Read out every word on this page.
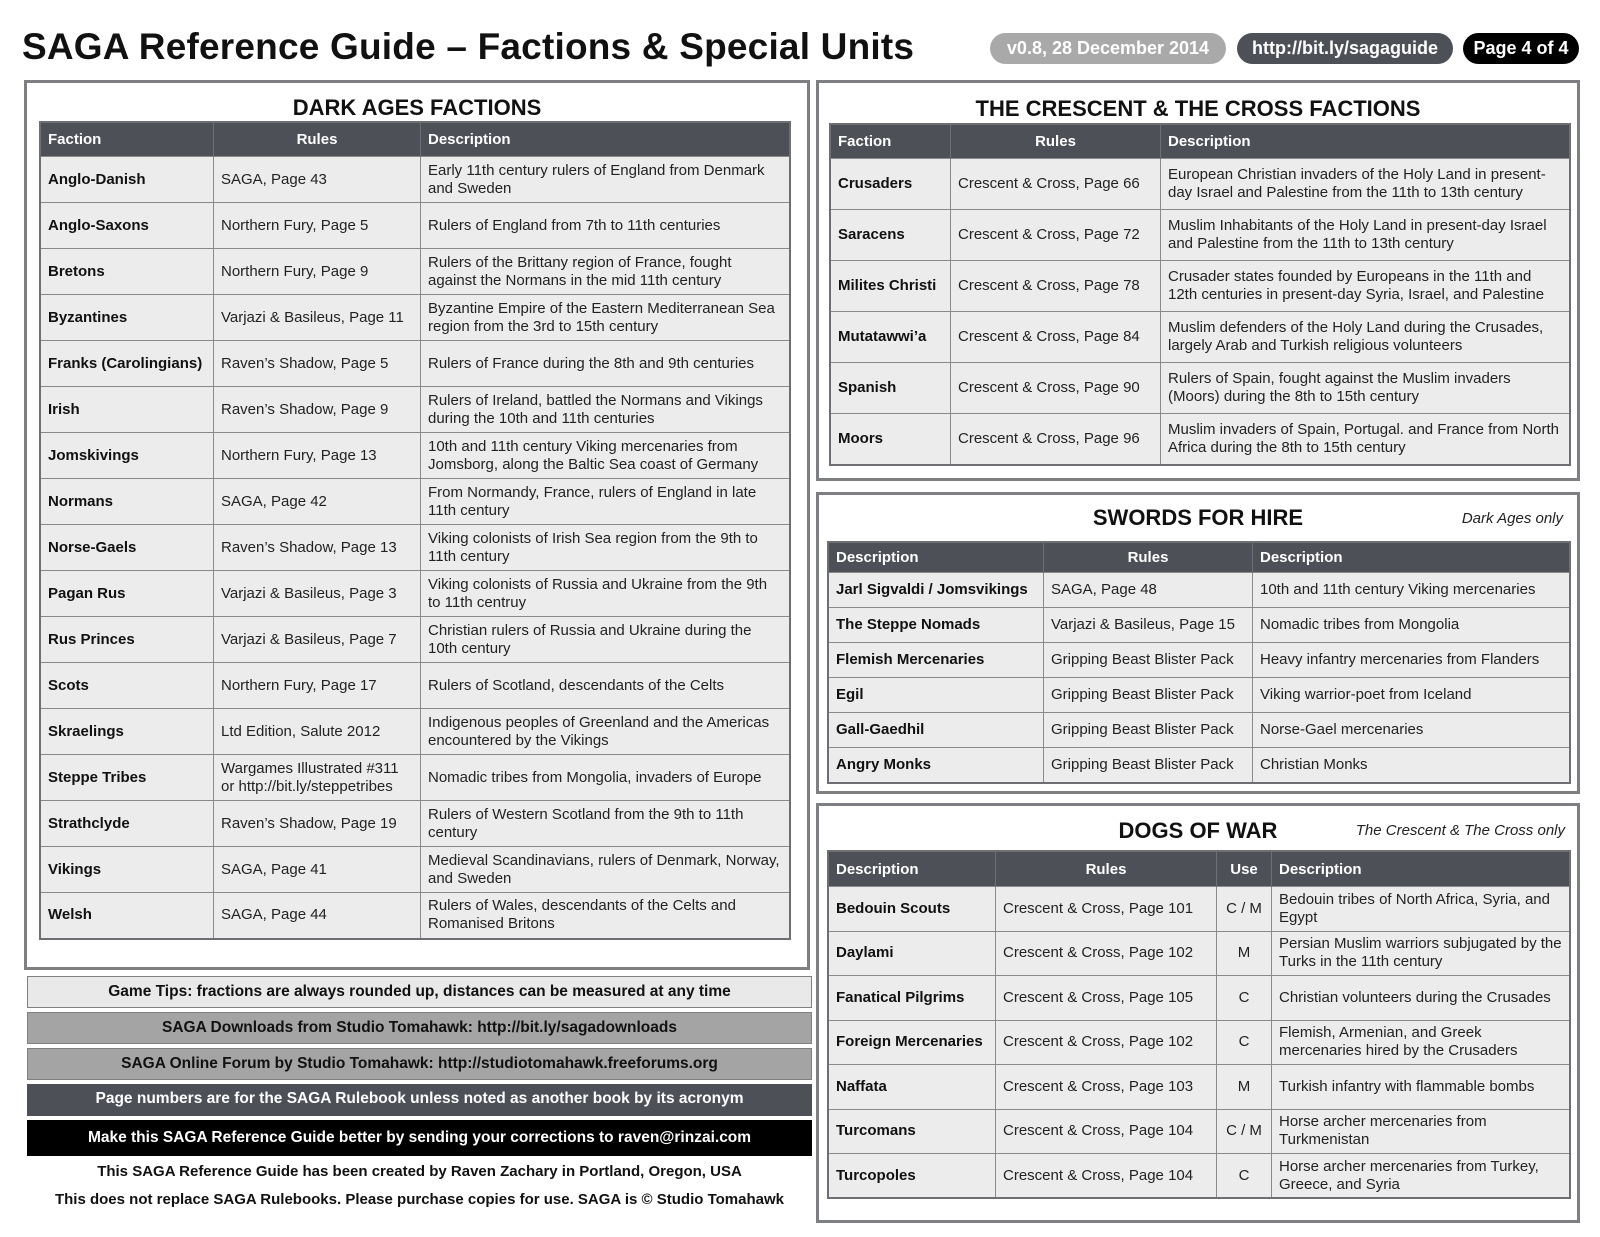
SAGA Reference Guide – Factions & Special Units	v0.8, 28 December 2014	http://bit.ly/sagaguide	Page 4 of 4
DARK AGES FACTIONS
Faction	Rules	Description
Anglo-Danish	SAGA, Page 43	Early 11th century rulers of England from Denmark and Sweden
Anglo-Saxons	Northern Fury, Page 5	Rulers of England from 7th to 11th centuries
Bretons	Northern Fury, Page 9	Rulers of the Brittany region of France, fought against the Normans in the mid 11th century
Byzantines	Varjazi & Basileus, Page 11	Byzantine Empire of the Eastern Mediterranean Sea region from the 3rd to 15th century
Franks (Carolingians)	Raven’s Shadow, Page 5	Rulers of France during the 8th and 9th centuries
Irish	Raven’s Shadow, Page 9	Rulers of Ireland, battled the Normans and Vikings during the 10th and 11th centuries
Jomskivings	Northern Fury, Page 13	10th and 11th century Viking mercenaries from Jomsborg, along the Baltic Sea coast of Germany
Normans	SAGA, Page 42	From Normandy, France, rulers of England in late 11th century
Norse-Gaels	Raven’s Shadow, Page 13	Viking colonists of Irish Sea region from the 9th to 11th century
Pagan Rus	Varjazi & Basileus, Page 3	Viking colonists of Russia and Ukraine from the 9th to 11th centruy
Rus Princes	Varjazi & Basileus, Page 7	Christian rulers of Russia and Ukraine during the 10th century
Scots	Northern Fury, Page 17	Rulers of Scotland, descendants of the Celts
Skraelings	Ltd Edition, Salute 2012	Indigenous peoples of Greenland and the Americas encountered by the Vikings
Steppe Tribes	Wargames Illustrated #311 or http://bit.ly/steppetribes	Nomadic tribes from Mongolia, invaders of Europe
Strathclyde	Raven’s Shadow, Page 19	Rulers of Western Scotland from the 9th to 11th century
Vikings	SAGA, Page 41	Medieval Scandinavians, rulers of Denmark, Norway, and Sweden
Welsh	SAGA, Page 44	Rulers of Wales, descendants of the Celts and Romanised Britons
THE CRESCENT & THE CROSS FACTIONS
Faction	Rules	Description
Crusaders	Crescent & Cross, Page 66	European Christian invaders of the Holy Land in present-day Israel and Palestine from the 11th to 13th century
Saracens	Crescent & Cross, Page 72	Muslim Inhabitants of the Holy Land in present-day Israel and Palestine from the 11th to 13th century
Milites Christi	Crescent & Cross, Page 78	Crusader states founded by Europeans in the 11th and 12th centuries in present-day Syria, Israel, and Palestine
Mutatawwi’a	Crescent & Cross, Page 84	Muslim defenders of the Holy Land during the Crusades, largely Arab and Turkish religious volunteers
Spanish	Crescent & Cross, Page 90	Rulers of Spain, fought against the Muslim invaders (Moors) during the 8th to 15th century
Moors	Crescent & Cross, Page 96	Muslim invaders of Spain, Portugal. and France from North Africa during the 8th to 15th century
SWORDS FOR HIRE	Dark Ages only
Description	Rules	Description
Jarl Sigvaldi / Jomsvikings	SAGA, Page 48	10th and 11th century Viking mercenaries
The Steppe Nomads	Varjazi & Basileus, Page 15	Nomadic tribes from Mongolia
Flemish Mercenaries	Gripping Beast Blister Pack	Heavy infantry mercenaries from Flanders
Egil	Gripping Beast Blister Pack	Viking warrior-poet from Iceland
Gall-Gaedhil	Gripping Beast Blister Pack	Norse-Gael mercenaries
Angry Monks	Gripping Beast Blister Pack	Christian Monks
DOGS OF WAR	The Crescent & The Cross only
Description	Rules	Use	Description
Bedouin Scouts	Crescent & Cross, Page 101	C / M	Bedouin tribes of North Africa, Syria, and Egypt
Daylami	Crescent & Cross, Page 102	M	Persian Muslim warriors subjugated by the Turks in the 11th century
Fanatical Pilgrims	Crescent & Cross, Page 105	C	Christian volunteers during the Crusades
Foreign Mercenaries	Crescent & Cross, Page 102	C	Flemish, Armenian, and Greek mercenaries hired by the Crusaders
Naffata	Crescent & Cross, Page 103	M	Turkish infantry with flammable bombs
Turcomans	Crescent & Cross, Page 104	C / M	Horse archer mercenaries from Turkmenistan
Turcopoles	Crescent & Cross, Page 104	C	Horse archer mercenaries from Turkey, Greece, and Syria
Game Tips: fractions are always rounded up, distances can be measured at any time
SAGA Downloads from Studio Tomahawk: http://bit.ly/sagadownloads
SAGA Online Forum by Studio Tomahawk: http://studiotomahawk.freeforums.org
Page numbers are for the SAGA Rulebook unless noted as another book by its acronym
Make this SAGA Reference Guide better by sending your corrections to raven@rinzai.com
This SAGA Reference Guide has been created by Raven Zachary in Portland, Oregon, USA
This does not replace SAGA Rulebooks. Please purchase copies for use. SAGA is © Studio Tomahawk
